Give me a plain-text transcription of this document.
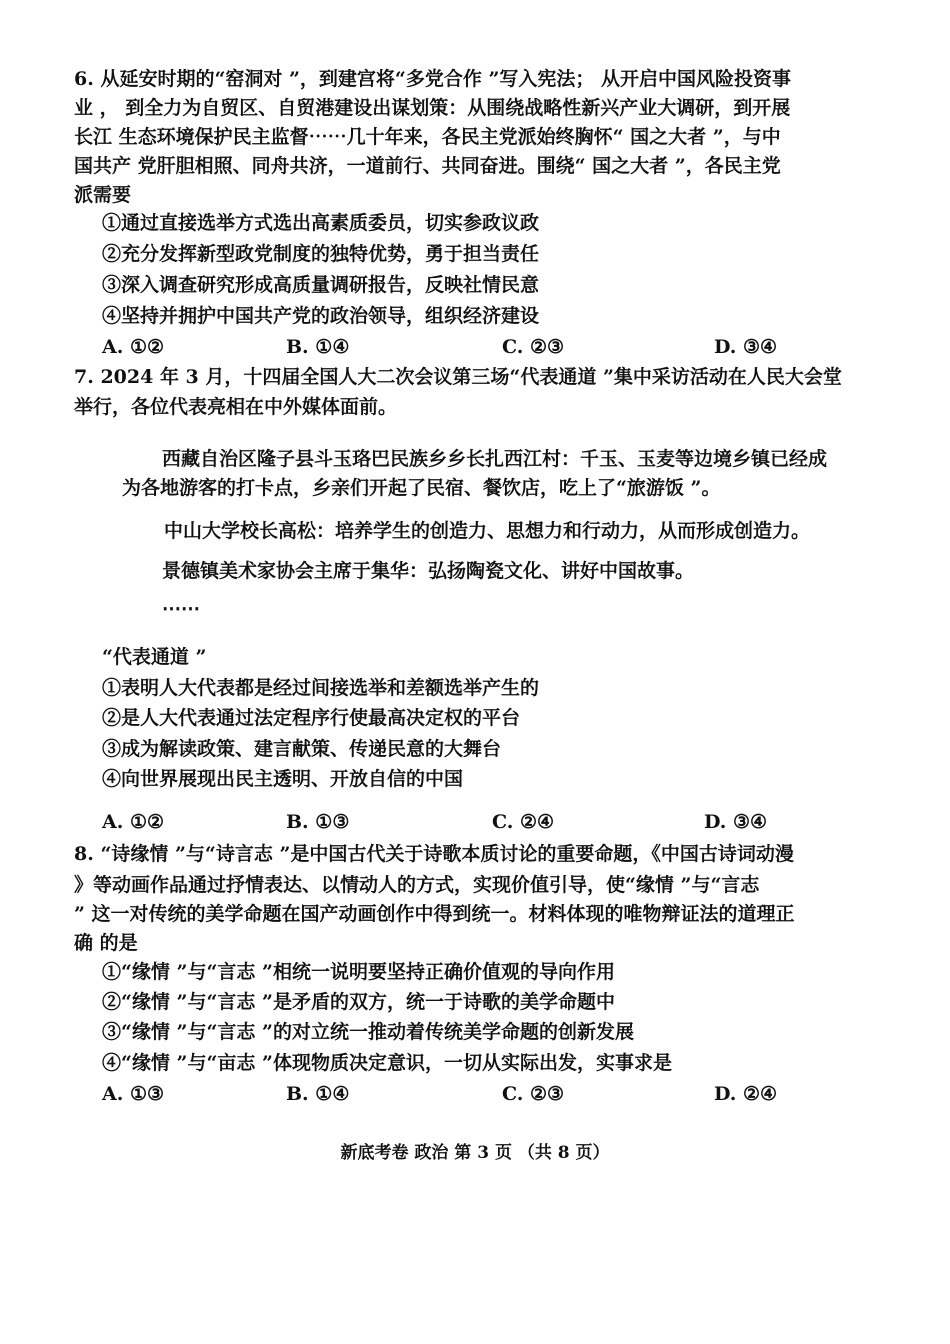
6. 从延安时期的“窑洞对 ”，到建宫将“多党合作 ”写入宪法； 从开启中国风险投资事
业 ， 到全力为自贸区、自贸港建设出谋划策：从围绕战略性新兴产业大调研，到开展
长江 生态环境保护民主监督⋯⋯几十年来，各民主党派始终胸怀“ 国之大者 ”，与中
国共产 党肝胆相照、同舟共济，一道前行、共同奋进。围绕“ 国之大者 ”，各民主党
派需要
①通过直接选举方式选出高素质委员，切实参政议政
②充分发挥新型政党制度的独特优势，勇于担当责任
③深入调查研究形成高质量调研报告，反映社情民意
④坚持并拥护中国共产党的政治领导，组织经济建设
A. ①②	B. ①④	C. ②③	D. ③④
7. 2024 年 3 月，十四届全国人大二次会议第三场“代表通道 ”集中采访活动在人民大会堂
举行，各位代表亮相在中外媒体面前。
西藏自治区隆子县斗玉珞巴民族乡乡长扎西江村：千玉、玉麦等边境乡镇已经成
为各地游客的打卡点，乡亲们开起了民宿、餐饮店，吃上了“旅游饭 ”。
中山大学校长高松：培养学生的创造力、思想力和行动力，从而形成创造力。
景德镇美术家协会主席于集华：弘扬陶瓷文化、讲好中国故事。
⋯⋯
“代表通道 ”
①表明人大代表都是经过间接选举和差额选举产生的
②是人大代表通过法定程序行使最高决定权的平台
③成为解读政策、建言献策、传递民意的大舞台
④向世界展现出民主透明、开放自信的中国
A. ①②	B. ①③	C. ②④	D. ③④
8. “诗缘情 ”与“诗言志 ”是中国古代关于诗歌本质讨论的重要命题，《中国古诗词动漫
》等动画作品通过抒情表达、以情动人的方式，实现价值引导，使“缘情 ”与“言志
” 这一对传统的美学命题在国产动画创作中得到统一。材料体现的唯物辩证法的道理正
确 的是
①“缘情 ”与“言志 ”相统一说明要坚持正确价值观的导向作用
②“缘情 ”与“言志 ”是矛盾的双方，统一于诗歌的美学命题中
③“缘情 ”与“言志 ”的对立统一推动着传统美学命题的创新发展
④“缘情 ”与“亩志 ”体现物质决定意识，一切从实际出发，实事求是
A. ①③	B. ①④	C. ②③	D. ②④
新底考卷 政治 第 3 页 （共 8 页）
